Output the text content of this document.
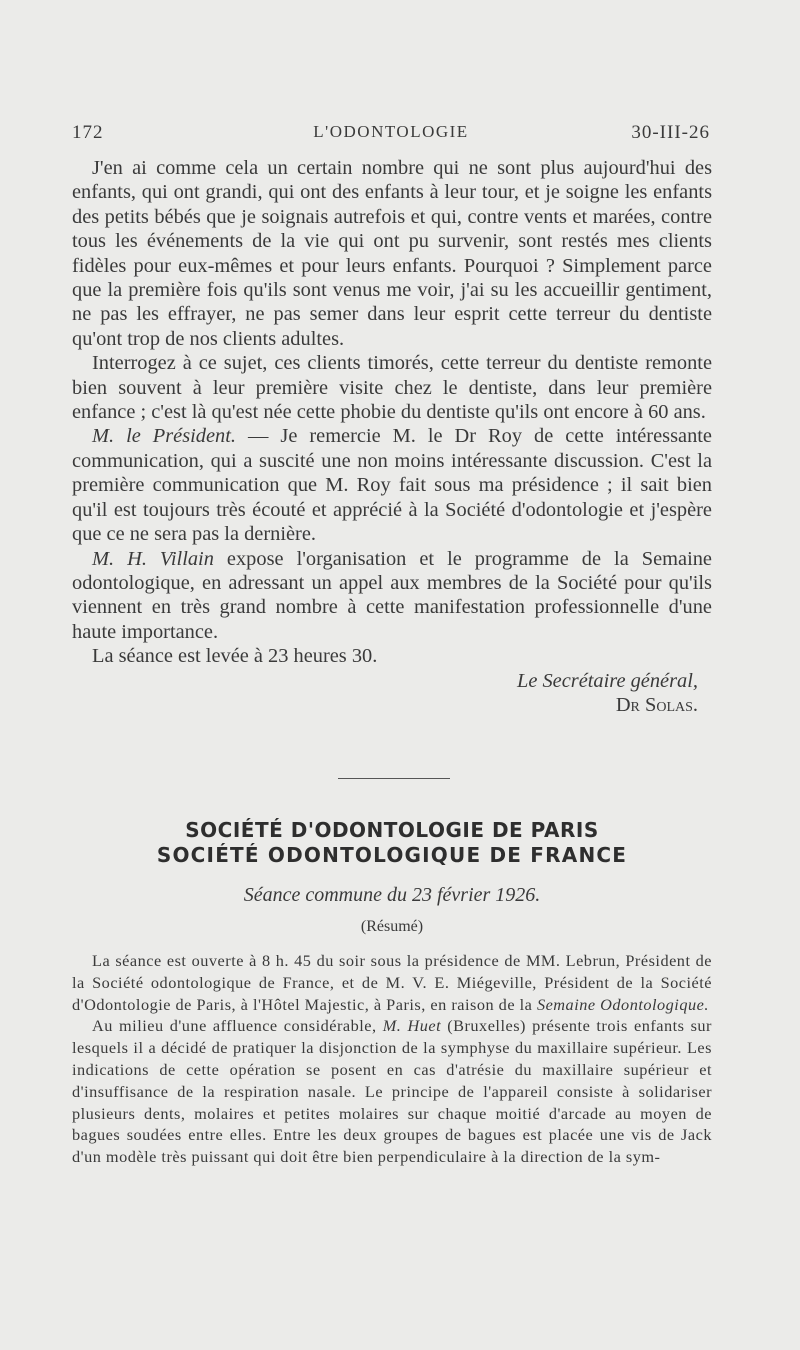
172	L'ODONTOLOGIE	30-III-26

J'en ai comme cela un certain nombre qui ne sont plus aujourd'hui des enfants, qui ont grandi, qui ont des enfants à leur tour, et je soigne les enfants des petits bébés que je soignais autrefois et qui, contre vents et marées, contre tous les événements de la vie qui ont pu survenir, sont restés mes clients fidèles pour eux-mêmes et pour leurs enfants. Pourquoi ? Simplement parce que la première fois qu'ils sont venus me voir, j'ai su les accueillir gentiment, ne pas les effrayer, ne pas semer dans leur esprit cette terreur du dentiste qu'ont trop de nos clients adultes.

Interrogez à ce sujet, ces clients timorés, cette terreur du dentiste remonte bien souvent à leur première visite chez le dentiste, dans leur première enfance ; c'est là qu'est née cette phobie du dentiste qu'ils ont encore à 60 ans.

M. le Président. — Je remercie M. le Dr Roy de cette intéressante communication, qui a suscité une non moins intéressante discussion. C'est la première communication que M. Roy fait sous ma présidence ; il sait bien qu'il est toujours très écouté et apprécié à la Société d'odontologie et j'espère que ce ne sera pas la dernière.

M. H. Villain expose l'organisation et le programme de la Semaine odontologique, en adressant un appel aux membres de la Société pour qu'ils viennent en très grand nombre à cette manifestation professionnelle d'une haute importance.

La séance est levée à 23 heures 30.

Le Secrétaire général,

Dr Solas.

SOCIÉTÉ D'ODONTOLOGIE DE PARIS
SOCIÉTÉ ODONTOLOGIQUE DE FRANCE
Séance commune du 23 février 1926.
(Résumé)

La séance est ouverte à 8 h. 45 du soir sous la présidence de MM. Lebrun, Président de la Société odontologique de France, et de M. V. E. Miégeville, Président de la Société d'Odontologie de Paris, à l'Hôtel Majestic, à Paris, en raison de la Semaine Odontologique.

Au milieu d'une affluence considérable, M. Huet (Bruxelles) présente trois enfants sur lesquels il a décidé de pratiquer la disjonction de la symphyse du maxillaire supérieur. Les indications de cette opération se posent en cas d'atrésie du maxillaire supérieur et d'insuffisance de la respiration nasale. Le principe de l'appareil consiste à solidariser plusieurs dents, molaires et petites molaires sur chaque moitié d'arcade au moyen de bagues soudées entre elles. Entre les deux groupes de bagues est placée une vis de Jack d'un modèle très puissant qui doit être bien perpendiculaire à la direction de la sym-
